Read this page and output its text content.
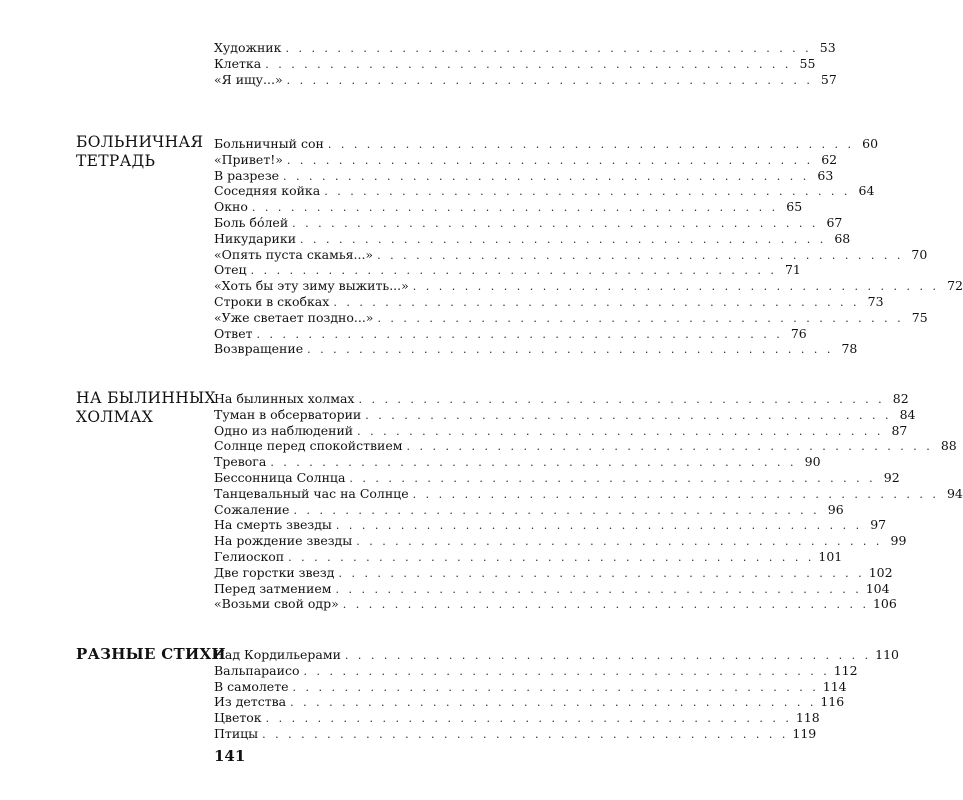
Художник . . . . . . . . . . . . . . . . . . . . . . . . . . . . . . . . . . . . . . . . . 53
Клетка . . . . . . . . . . . . . . . . . . . . . . . . . . . . . . . . . . . . . . . . . 55
«Я ищу...» . . . . . . . . . . . . . . . . . . . . . . . . . . . . . . . . . . . . . . . . . 57
БОЛЬНИЧНАЯ
ТЕТРАДЬ
Больничный сон . . . . . . . . . . . . . . . . . . . . . . . . . . . . . . . . . . . . . . . . . 60
«Привет!» . . . . . . . . . . . . . . . . . . . . . . . . . . . . . . . . . . . . . . . . . 62
В разрезе . . . . . . . . . . . . . . . . . . . . . . . . . . . . . . . . . . . . . . . . . 63
Соседняя койка . . . . . . . . . . . . . . . . . . . . . . . . . . . . . . . . . . . . . . . . . 64
Окно . . . . . . . . . . . . . . . . . . . . . . . . . . . . . . . . . . . . . . . . . 65
Боль бóлей . . . . . . . . . . . . . . . . . . . . . . . . . . . . . . . . . . . . . . . . . 67
Никударики . . . . . . . . . . . . . . . . . . . . . . . . . . . . . . . . . . . . . . . . . 68
«Опять пуста скамья...» . . . . . . . . . . . . . . . . . . . . . . . . . . . . . . . . . . . . . . . . . 70
Отец . . . . . . . . . . . . . . . . . . . . . . . . . . . . . . . . . . . . . . . . . 71
«Хоть бы эту зиму выжить...» . . . . . . . . . . . . . . . . . . . . . . . . . . . . . . . . . . . . . . . . . 72
Строки в скобках . . . . . . . . . . . . . . . . . . . . . . . . . . . . . . . . . . . . . . . . . 73
«Уже светает поздно...» . . . . . . . . . . . . . . . . . . . . . . . . . . . . . . . . . . . . . . . . . 75
Ответ . . . . . . . . . . . . . . . . . . . . . . . . . . . . . . . . . . . . . . . . . 76
Возвращение . . . . . . . . . . . . . . . . . . . . . . . . . . . . . . . . . . . . . . . . . 78
НА БЫЛИННЫХ
ХОЛМАХ
На былинных холмах . . . . . . . . . . . . . . . . . . . . . . . . . . . . . . . . . . . . . . . . . 82
Туман в обсерватории . . . . . . . . . . . . . . . . . . . . . . . . . . . . . . . . . . . . . . . . . 84
Одно из наблюдений . . . . . . . . . . . . . . . . . . . . . . . . . . . . . . . . . . . . . . . . . 87
Солнце перед спокойствием . . . . . . . . . . . . . . . . . . . . . . . . . . . . . . . . . . . . . . . . . 88
Тревога . . . . . . . . . . . . . . . . . . . . . . . . . . . . . . . . . . . . . . . . . 90
Бессонница Солнца . . . . . . . . . . . . . . . . . . . . . . . . . . . . . . . . . . . . . . . . . 92
Танцевальный час на Солнце . . . . . . . . . . . . . . . . . . . . . . . . . . . . . . . . . . . . . . . . . 94
Сожаление . . . . . . . . . . . . . . . . . . . . . . . . . . . . . . . . . . . . . . . . . 96
На смерть звезды . . . . . . . . . . . . . . . . . . . . . . . . . . . . . . . . . . . . . . . . . 97
На рождение звезды . . . . . . . . . . . . . . . . . . . . . . . . . . . . . . . . . . . . . . . . . 99
Гелиоскоп . . . . . . . . . . . . . . . . . . . . . . . . . . . . . . . . . . . . . . . . . 101
Две горстки звезд . . . . . . . . . . . . . . . . . . . . . . . . . . . . . . . . . . . . . . . . . 102
Перед затмением . . . . . . . . . . . . . . . . . . . . . . . . . . . . . . . . . . . . . . . . . 104
«Возьми свой одр» . . . . . . . . . . . . . . . . . . . . . . . . . . . . . . . . . . . . . . . . . 106
РАЗНЫЕ СТИХИ
Над Кордильерами . . . . . . . . . . . . . . . . . . . . . . . . . . . . . . . . . . . . . . . . . 110
Вальпараисо . . . . . . . . . . . . . . . . . . . . . . . . . . . . . . . . . . . . . . . . . 112
В самолете . . . . . . . . . . . . . . . . . . . . . . . . . . . . . . . . . . . . . . . . . 114
Из детства . . . . . . . . . . . . . . . . . . . . . . . . . . . . . . . . . . . . . . . . . 116
Цветок . . . . . . . . . . . . . . . . . . . . . . . . . . . . . . . . . . . . . . . . . 118
Птицы . . . . . . . . . . . . . . . . . . . . . . . . . . . . . . . . . . . . . . . . . 119
141
